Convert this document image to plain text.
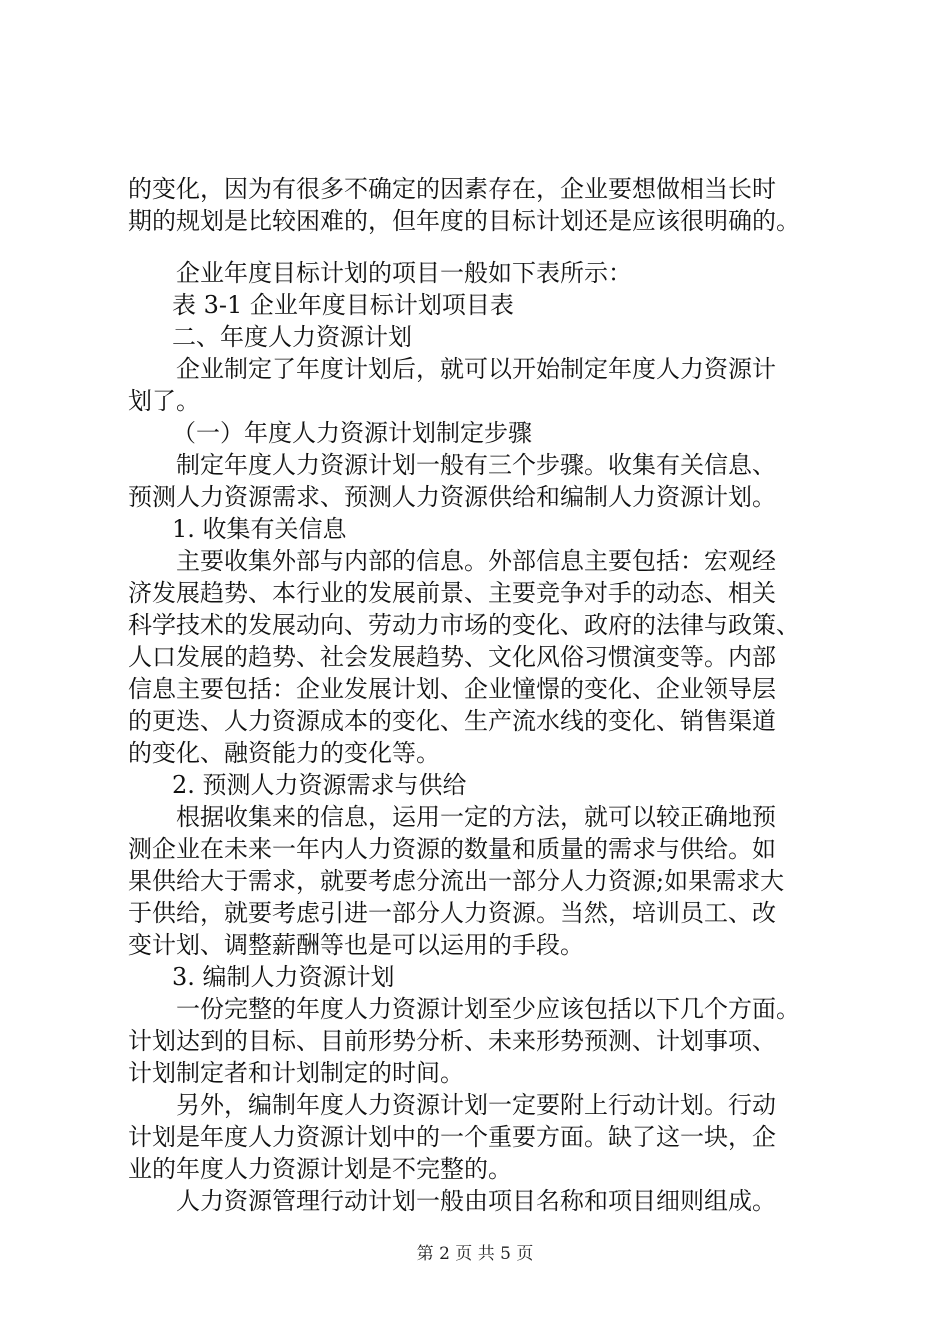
的变化，因为有很多不确定的因素存在，企业要想做相当长时
期的规划是比较困难的，但年度的目标计划还是应该很明确的。
企业年度目标计划的项目一般如下表所示：
表 3-1 企业年度目标计划项目表
二、年度人力资源计划
企业制定了年度计划后，就可以开始制定年度人力资源计
划了。
（一）年度人力资源计划制定步骤
制定年度人力资源计划一般有三个步骤。收集有关信息、
预测人力资源需求、预测人力资源供给和编制人力资源计划。
1. 收集有关信息
主要收集外部与内部的信息。外部信息主要包括：宏观经
济发展趋势、本行业的发展前景、主要竞争对手的动态、相关
科学技术的发展动向、劳动力市场的变化、政府的法律与政策、
人口发展的趋势、社会发展趋势、文化风俗习惯演变等。内部
信息主要包括：企业发展计划、企业憧憬的变化、企业领导层
的更迭、人力资源成本的变化、生产流水线的变化、销售渠道
的变化、融资能力的变化等。
2. 预测人力资源需求与供给
根据收集来的信息，运用一定的方法，就可以较正确地预
测企业在未来一年内人力资源的数量和质量的需求与供给。如
果供给大于需求，就要考虑分流出一部分人力资源;如果需求大
于供给，就要考虑引进一部分人力资源。当然，培训员工、改
变计划、调整薪酬等也是可以运用的手段。
3. 编制人力资源计划
一份完整的年度人力资源计划至少应该包括以下几个方面。
计划达到的目标、目前形势分析、未来形势预测、计划事项、
计划制定者和计划制定的时间。
另外，编制年度人力资源计划一定要附上行动计划。行动
计划是年度人力资源计划中的一个重要方面。缺了这一块，企
业的年度人力资源计划是不完整的。
人力资源管理行动计划一般由项目名称和项目细则组成。
第 2 页 共 5 页
